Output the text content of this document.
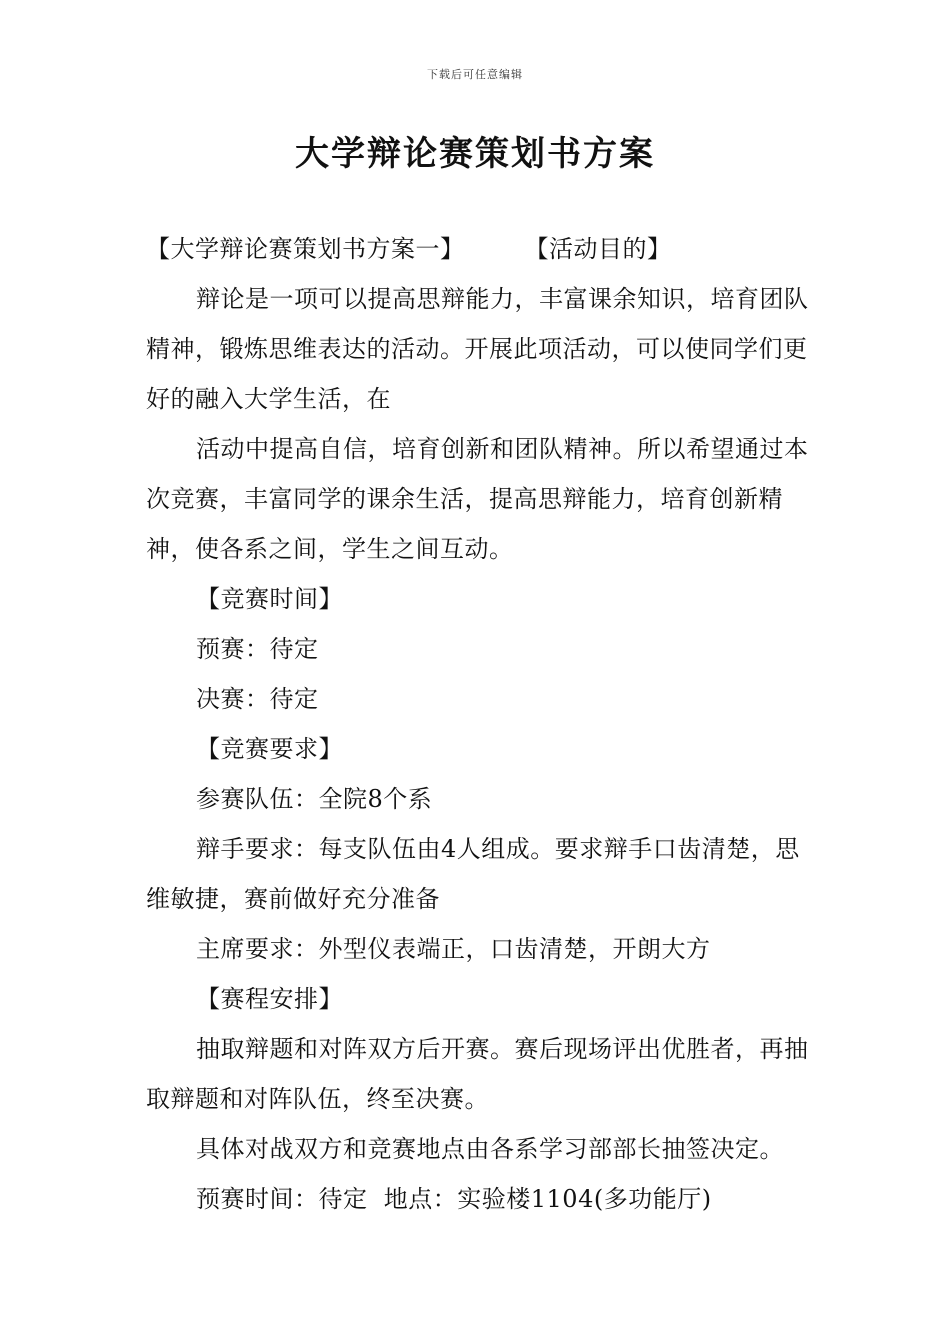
下载后可任意编辑
大学辩论赛策划书方案

【大学辩论赛策划书方案一】	【活动目的】

辩论是一项可以提高思辩能力，丰富课余知识，培育团队精神，锻炼思维表达的活动。开展此项活动，可以使同学们更好的融入大学生活，在

活动中提高自信，培育创新和团队精神。所以希望通过本次竞赛，丰富同学的课余生活，提高思辩能力，培育创新精神，使各系之间，学生之间互动。

【竞赛时间】

预赛：待定

决赛：待定

【竞赛要求】

参赛队伍：全院8个系

辩手要求：每支队伍由4人组成。要求辩手口齿清楚，思维敏捷，赛前做好充分准备

主席要求：外型仪表端正，口齿清楚，开朗大方

【赛程安排】

抽取辩题和对阵双方后开赛。赛后现场评出优胜者，再抽取辩题和对阵队伍，终至决赛。

具体对战双方和竞赛地点由各系学习部部长抽签决定。

预赛时间：待定  地点：实验楼1104(多功能厅)
